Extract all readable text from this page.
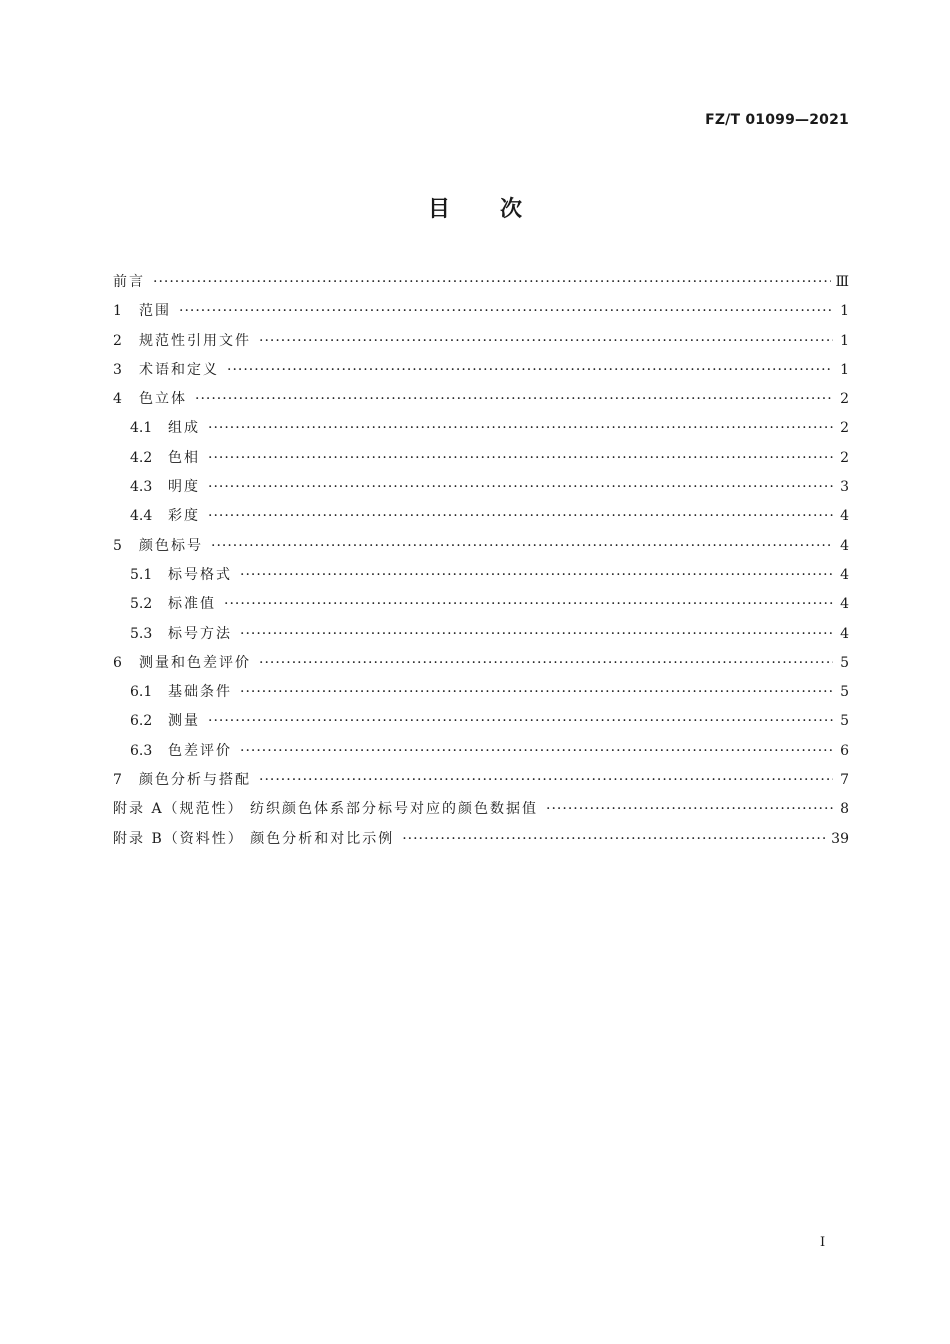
FZ/T 01099—2021
目次
前言 ·····	Ⅲ
1	范围 ·····	1
2	规范性引用文件 ·····	1
3	术语和定义 ·····	1
4	色立体 ·····	2
4.1 组成 ·····	2
4.2 色相 ·····	2
4.3 明度 ·····	3
4.4 彩度 ·····	4
5	颜色标号 ·····	4
5.1 标号格式 ·····	4
5.2 标准值 ·····	4
5.3 标号方法 ·····	4
6	测量和色差评价 ·····	5
6.1 基础条件 ·····	5
6.2 测量 ·····	5
6.3 色差评价 ·····	6
7	颜色分析与搭配 ·····	7
附录 A（规范性） 纺织颜色体系部分标号对应的颜色数据值 ·····	8
附录 B（资料性） 颜色分析和对比示例 ·····	39
I
